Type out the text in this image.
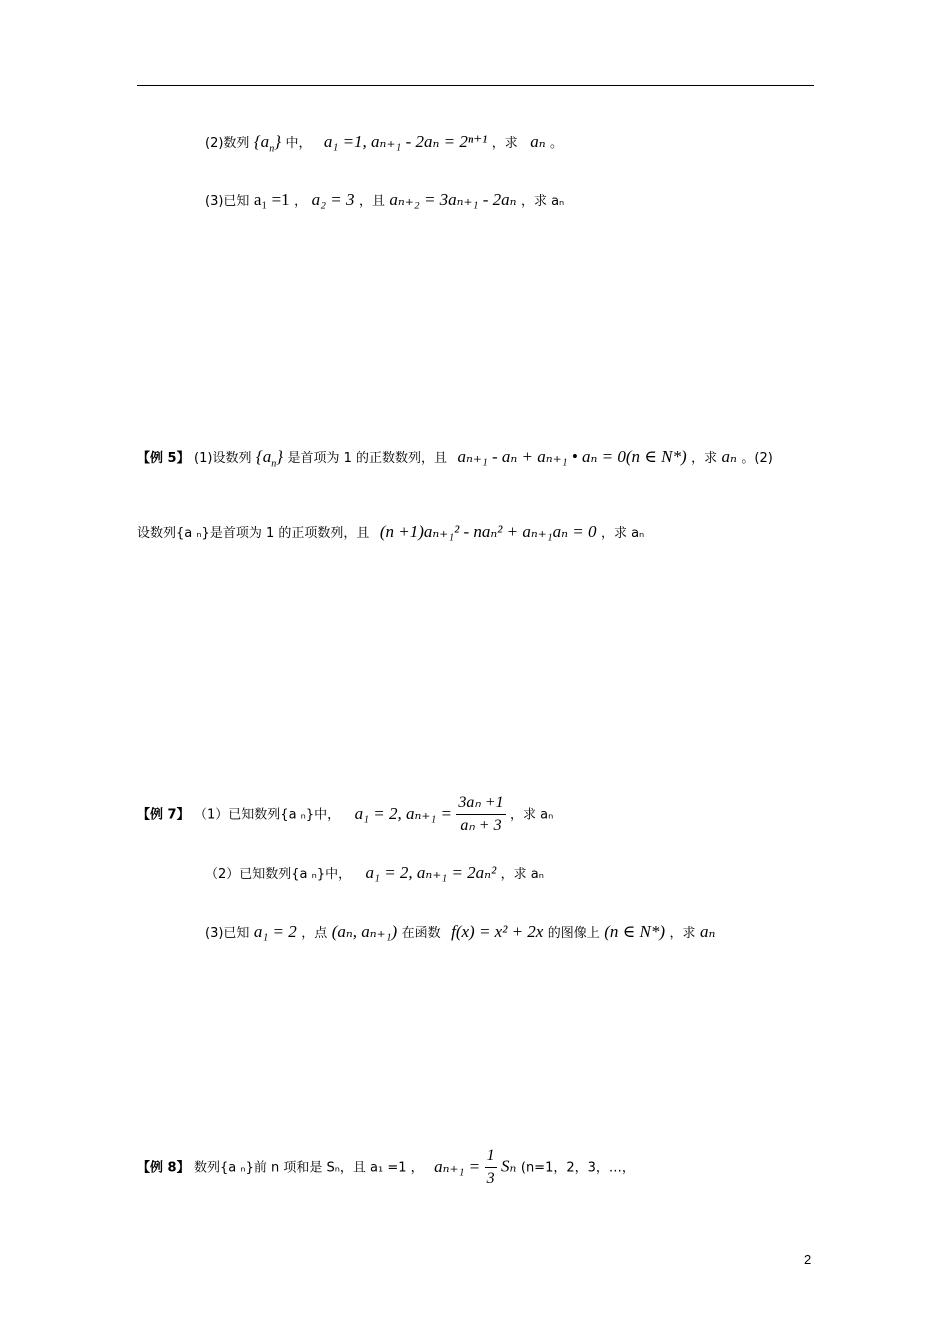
(2)数列 $\{a_n\}$ 中， a₁ =1, aₙ₊₁ - 2aₙ = 2ⁿ⁺¹ ，求 aₙ 。
(3)已知 a₁ =1 ， a₂ = 3 ，且 aₙ₊₂ = 3aₙ₊₁ - 2aₙ ，求 aₙ
【例 5】 (1)设数列 $\{a_n\}$ 是首项为 1 的正数数列，且 aₙ₊₁ - aₙ + aₙ₊₁ • aₙ = 0(n ∈ N*) ，求 aₙ 。(2)
设数列{a ₙ}是首项为 1 的正项数列，且 (n +1)aₙ₊₁² - naₙ² + aₙ₊₁aₙ = 0 ，求 aₙ
【例 7】 （1）已知数列{a ₙ}中， a₁ = 2, $a_{n+1} = \frac{\text{3aₙ +1}}{\text{aₙ + 3}}$ ，求 aₙ
（2）已知数列{a ₙ}中， a₁ = 2, aₙ₊₁ = 2aₙ² ，求 aₙ
(3)已知 a₁ = 2 ，点 (aₙ, aₙ₊₁) 在函数 f(x) = x² + 2x 的图像上 (n ∈ N*) ，求 aₙ
【例 8】 数列{a ₙ}前 n 项和是 Sₙ，且 a₁ =1 ， $a_{n+1} = \frac{1}{3}$ Sₙ (n=1，2，3，…，
2
